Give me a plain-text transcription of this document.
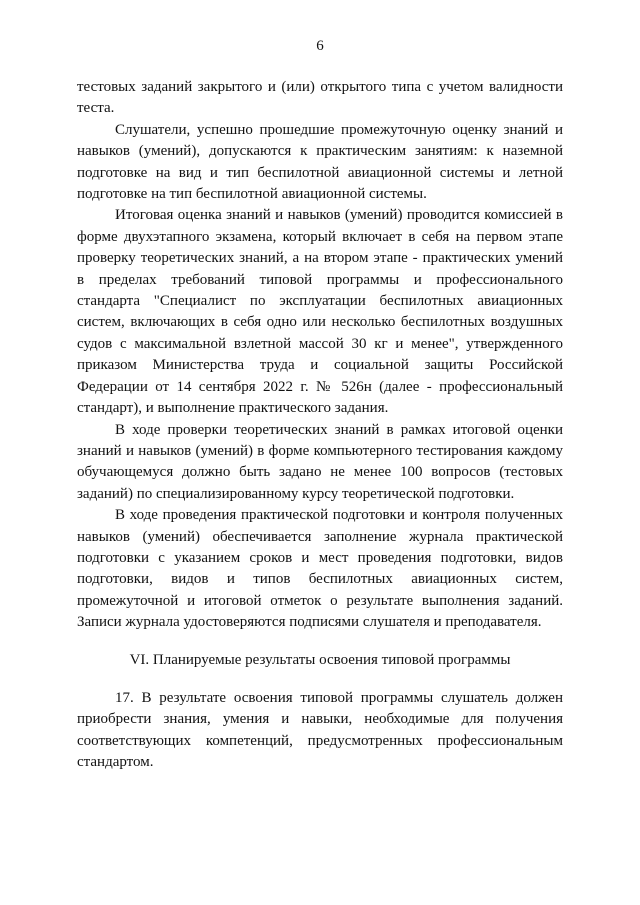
6

тестовых заданий закрытого и (или) открытого типа с учетом валидности теста.

Слушатели, успешно прошедшие промежуточную оценку знаний и навыков (умений), допускаются к практическим занятиям: к наземной подготовке на вид и тип беспилотной авиационной системы и летной подготовке на тип беспилотной авиационной системы.

Итоговая оценка знаний и навыков (умений) проводится комиссией в форме двухэтапного экзамена, который включает в себя на первом этапе проверку теоретических знаний, а на втором этапе - практических умений в пределах требований типовой программы и профессионального стандарта "Специалист по эксплуатации беспилотных авиационных систем, включающих в себя одно или несколько беспилотных воздушных судов с максимальной взлетной массой 30 кг и менее", утвержденного приказом Министерства труда и социальной защиты Российской Федерации от 14 сентября 2022 г. № 526н (далее - профессиональный стандарт), и выполнение практического задания.

В ходе проверки теоретических знаний в рамках итоговой оценки знаний и навыков (умений) в форме компьютерного тестирования каждому обучающемуся должно быть задано не менее 100 вопросов (тестовых заданий) по специализированному курсу теоретической подготовки.

В ходе проведения практической подготовки и контроля полученных навыков (умений) обеспечивается заполнение журнала практической подготовки с указанием сроков и мест проведения подготовки, видов подготовки, видов и типов беспилотных авиационных систем, промежуточной и итоговой отметок о результате выполнения заданий. Записи журнала удостоверяются подписями слушателя и преподавателя.

VI. Планируемые результаты освоения типовой программы

17. В результате освоения типовой программы слушатель должен приобрести знания, умения и навыки, необходимые для получения соответствующих компетенций, предусмотренных профессиональным стандартом.
